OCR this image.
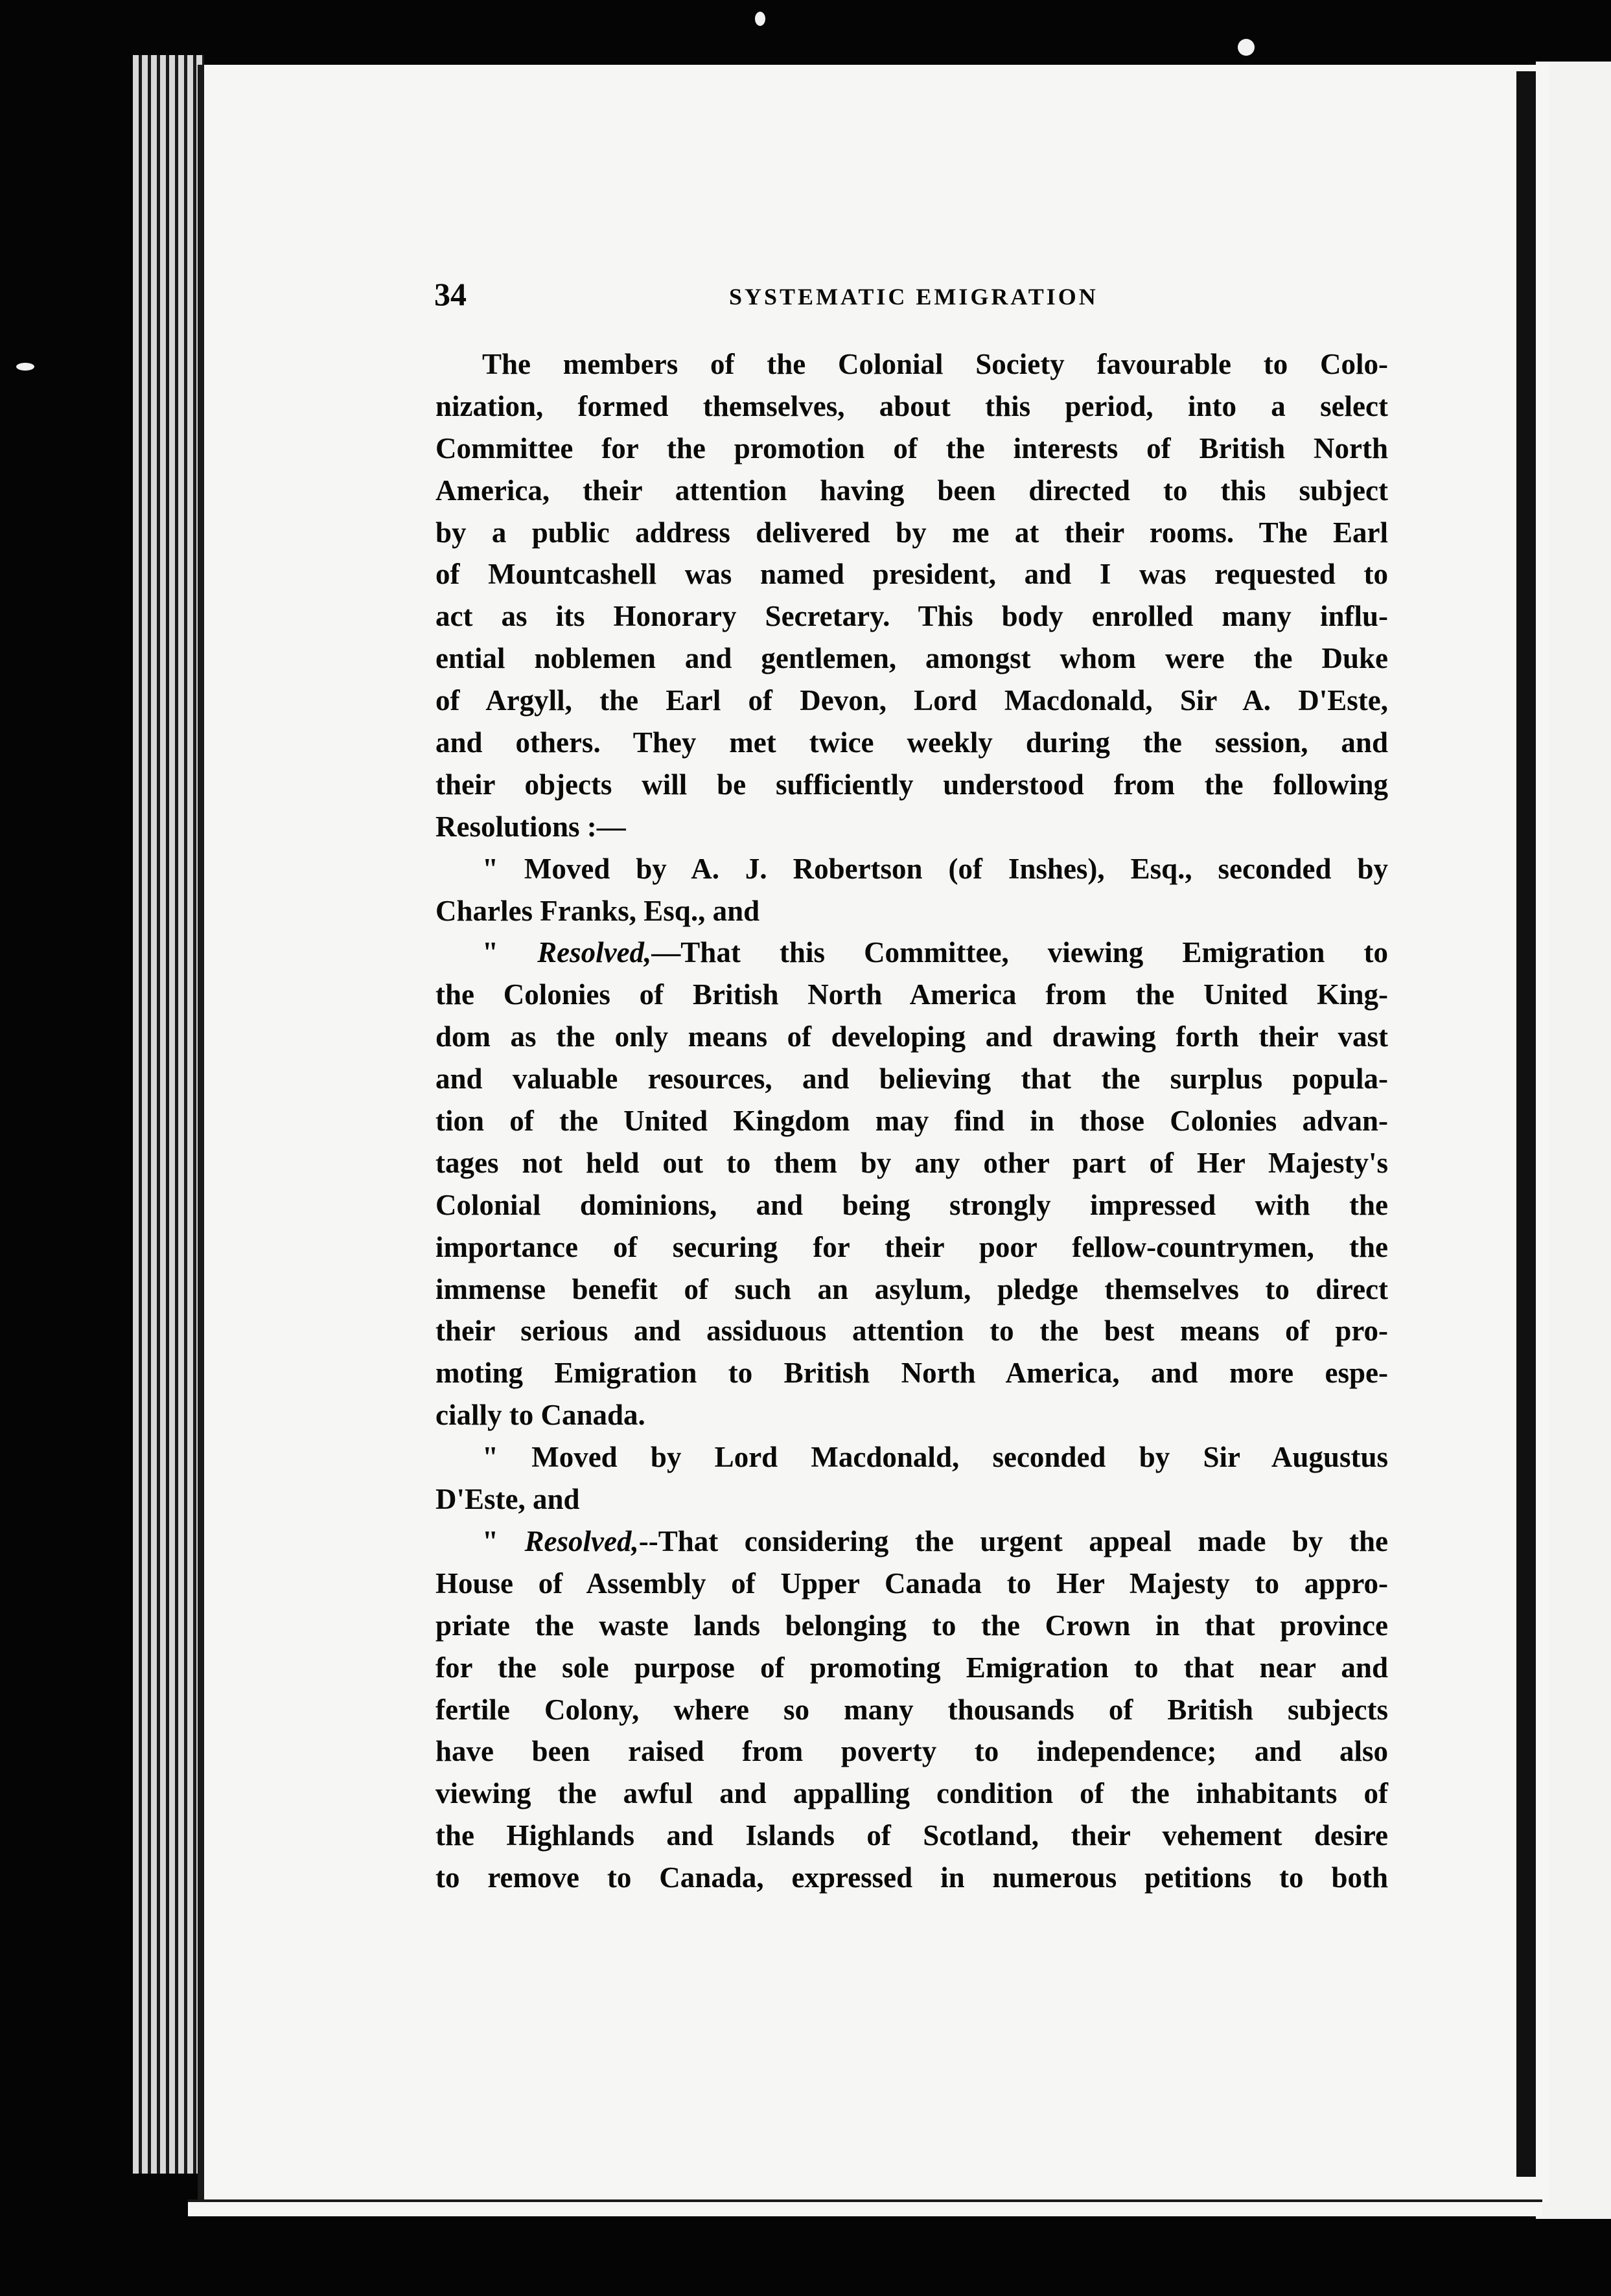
34	SYSTEMATIC EMIGRATION
The members of the Colonial Society favourable to Colo-
nization, formed themselves, about this period, into a select
Committee for the promotion of the interests of British North
America, their attention having been directed to this subject
by a public address delivered by me at their rooms. The Earl
of Mountcashell was named president, and I was requested to
act as its Honorary Secretary. This body enrolled many influ-
ential noblemen and gentlemen, amongst whom were the Duke
of Argyll, the Earl of Devon, Lord Macdonald, Sir A. D'Este,
and others. They met twice weekly during the session, and
their objects will be sufficiently understood from the following
Resolutions :—
" Moved by A. J. Robertson (of Inshes), Esq., seconded by
Charles Franks, Esq., and
" Resolved,—That this Committee, viewing Emigration to
the Colonies of British North America from the United King-
dom as the only means of developing and drawing forth their vast
and valuable resources, and believing that the surplus popula-
tion of the United Kingdom may find in those Colonies advan-
tages not held out to them by any other part of Her Majesty's
Colonial dominions, and being strongly impressed with the
importance of securing for their poor fellow-countrymen, the
immense benefit of such an asylum, pledge themselves to direct
their serious and assiduous attention to the best means of pro-
moting Emigration to British North America, and more espe-
cially to Canada.
" Moved by Lord Macdonald, seconded by Sir Augustus
D'Este, and
" Resolved,--That considering the urgent appeal made by the
House of Assembly of Upper Canada to Her Majesty to appro-
priate the waste lands belonging to the Crown in that province
for the sole purpose of promoting Emigration to that near and
fertile Colony, where so many thousands of British subjects
have been raised from poverty to independence; and also
viewing the awful and appalling condition of the inhabitants of
the Highlands and Islands of Scotland, their vehement desire
to remove to Canada, expressed in numerous petitions to both
